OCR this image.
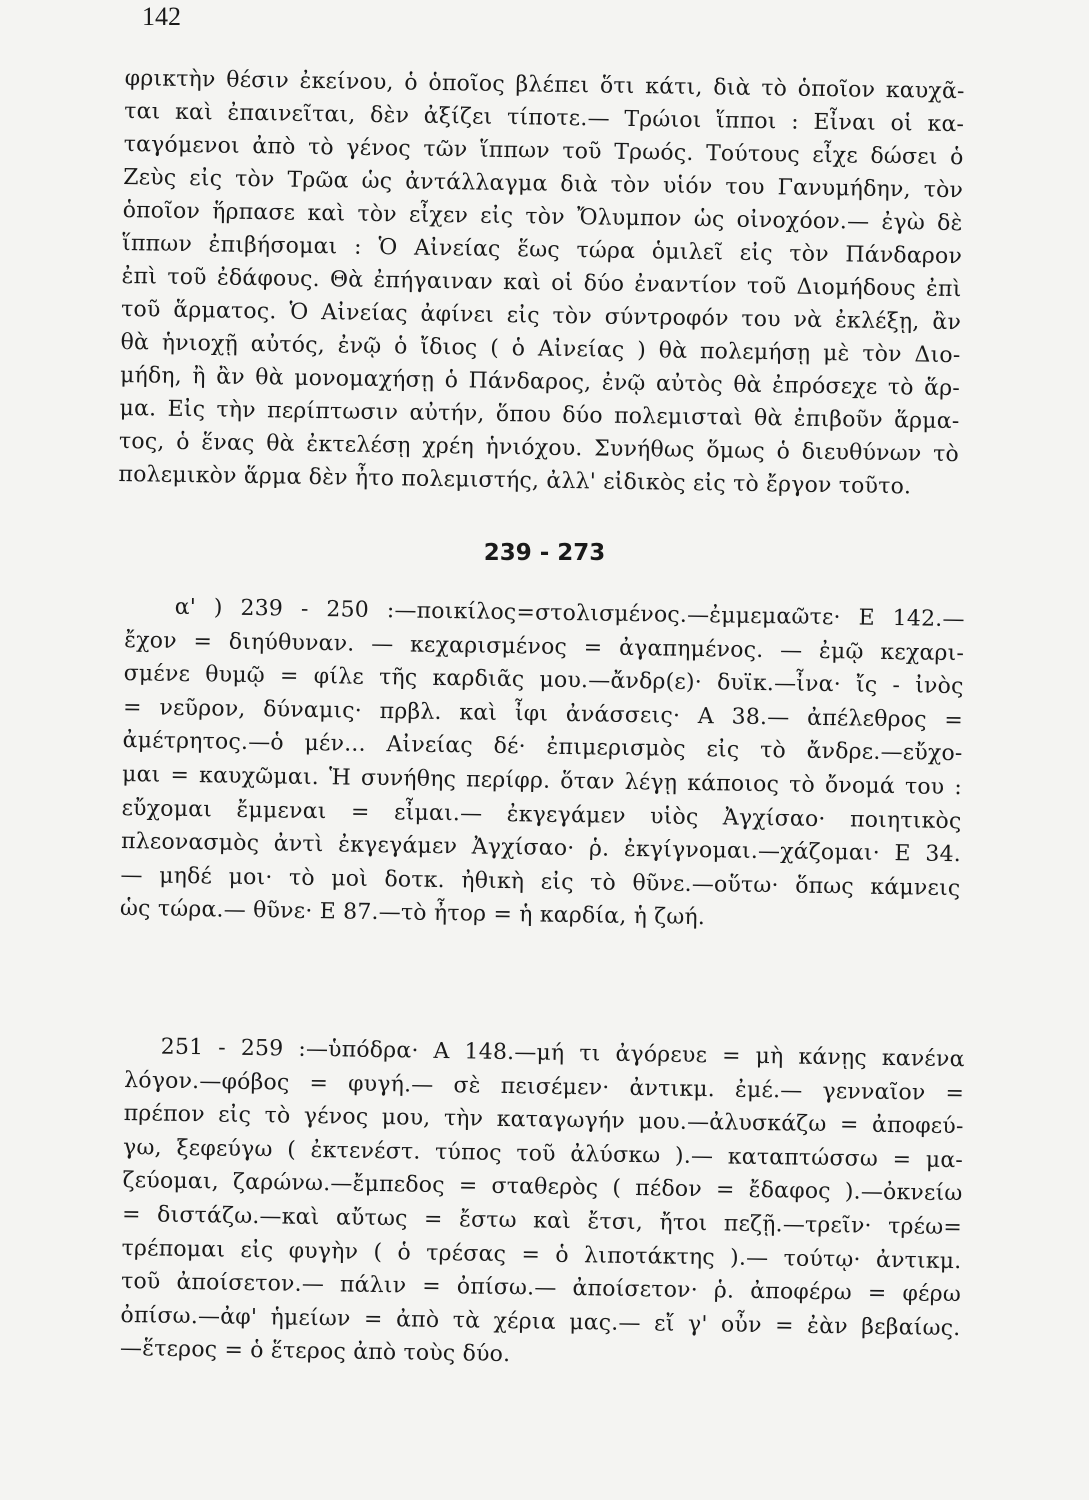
142
φρικτὴν θέσιν ἐκείνου, ὁ ὁποῖος βλέπει ὅτι κάτι, διὰ τὸ ὁποῖον καυχᾶ-
ται καὶ ἐπαινεῖται, δὲν ἀξίζει τίποτε.— Τρώιοι ἵπποι : Εἶναι οἱ κα-
ταγόμενοι ἀπὸ τὸ γένος τῶν ἵππων τοῦ Τρωός. Τούτους εἶχε δώσει ὁ
Ζεὺς εἰς τὸν Τρῶα ὡς ἀντάλλαγμα διὰ τὸν υἱόν του Γανυμήδην, τὸν
ὁποῖον ἥρπασε καὶ τὸν εἶχεν εἰς τὸν Ὄλυμπον ὡς οἰνοχόον.— ἐγὼ δὲ
ἵππων ἐπιβήσομαι : Ὁ Αἰνείας ἕως τώρα ὁμιλεῖ εἰς τὸν Πάνδαρον
ἐπὶ τοῦ ἐδάφους. Θὰ ἐπήγαιναν καὶ οἱ δύο ἐναντίον τοῦ Διομήδους ἐπὶ
τοῦ ἅρματος. Ὁ Αἰνείας ἀφίνει εἰς τὸν σύντροφόν του νὰ ἐκλέξῃ, ἂν
θὰ ἡνιοχῇ αὐτός, ἐνῷ ὁ ἴδιος ( ὁ Αἰνείας ) θὰ πολεμήσῃ μὲ τὸν Διο-
μήδη, ἢ ἂν θὰ μονομαχήσῃ ὁ Πάνδαρος, ἐνῷ αὐτὸς θὰ ἐπρόσεχε τὸ ἅρ-
μα. Εἰς τὴν περίπτωσιν αὐτήν, ὅπου δύο πολεμισταὶ θὰ ἐπιβοῦν ἅρμα-
τος, ὁ ἕνας θὰ ἐκτελέσῃ χρέη ἡνιόχου. Συνήθως ὅμως ὁ διευθύνων τὸ
πολεμικὸν ἅρμα δὲν ἦτο πολεμιστής, ἀλλ' εἰδικὸς εἰς τὸ ἔργον τοῦτο.
239 - 273
α' ) 239 - 250 :—ποικίλος=στολισμένος.—ἐμμεμαῶτε· Ε 142.—
ἔχον = διηύθυναν. — κεχαρισμένος = ἀγαπημένος. — ἐμῷ κεχαρι-
σμένε θυμῷ = φίλε τῆς καρδιᾶς μου.—ἄνδρ(ε)· δυϊκ.—ἶνα· ἴς - ἰνὸς
= νεῦρον, δύναμις· πρβλ. καὶ ἶφι ἀνάσσεις· Α 38.— ἀπέλεθρος =
ἀμέτρητος.—ὁ μέν... Αἰνείας δέ· ἐπιμερισμὸς εἰς τὸ ἄνδρε.—εὔχο-
μαι = καυχῶμαι. Ἡ συνήθης περίφρ. ὅταν λέγῃ κάποιος τὸ ὄνομά του :
εὔχομαι ἔμμεναι = εἶμαι.— ἐκγεγάμεν υἱὸς Ἀγχίσαο· ποιητικὸς
πλεονασμὸς ἀντὶ ἐκγεγάμεν Ἀγχίσαο· ῥ. ἐκγίγνομαι.—χάζομαι· Ε 34.
— μηδέ μοι· τὸ μοὶ δοτκ. ἠθικὴ εἰς τὸ θῦνε.—οὕτω· ὅπως κάμνεις
ὡς τώρα.— θῦνε· Ε 87.—τὸ ἦτορ = ἡ καρδία, ἡ ζωή.
251 - 259 :—ὑπόδρα· Α 148.—μή τι ἀγόρευε = μὴ κάνῃς κανένα
λόγον.—φόβος = φυγή.— σὲ πεισέμεν· ἀντικμ. ἐμέ.— γενναῖον =
πρέπον εἰς τὸ γένος μου, τὴν καταγωγήν μου.—ἀλυσκάζω = ἀποφεύ-
γω, ξεφεύγω ( ἐκτενέστ. τύπος τοῦ ἀλύσκω ).— καταπτώσσω = μα-
ζεύομαι, ζαρώνω.—ἔμπεδος = σταθερὸς ( πέδον = ἔδαφος ).—ὀκνείω
= διστάζω.—καὶ αὔτως = ἔστω καὶ ἔτσι, ἤτοι πεζῇ.—τρεῖν· τρέω=
τρέπομαι εἰς φυγὴν ( ὁ τρέσας = ὁ λιποτάκτης ).— τούτῳ· ἀντικμ.
τοῦ ἀποίσετον.— πάλιν = ὀπίσω.— ἀποίσετον· ῥ. ἀποφέρω = φέρω
ὀπίσω.—ἀφ' ἡμείων = ἀπὸ τὰ χέρια μας.— εἴ γ' οὖν = ἐὰν βεβαίως.
—ἕτερος = ὁ ἕτερος ἀπὸ τοὺς δύο.
